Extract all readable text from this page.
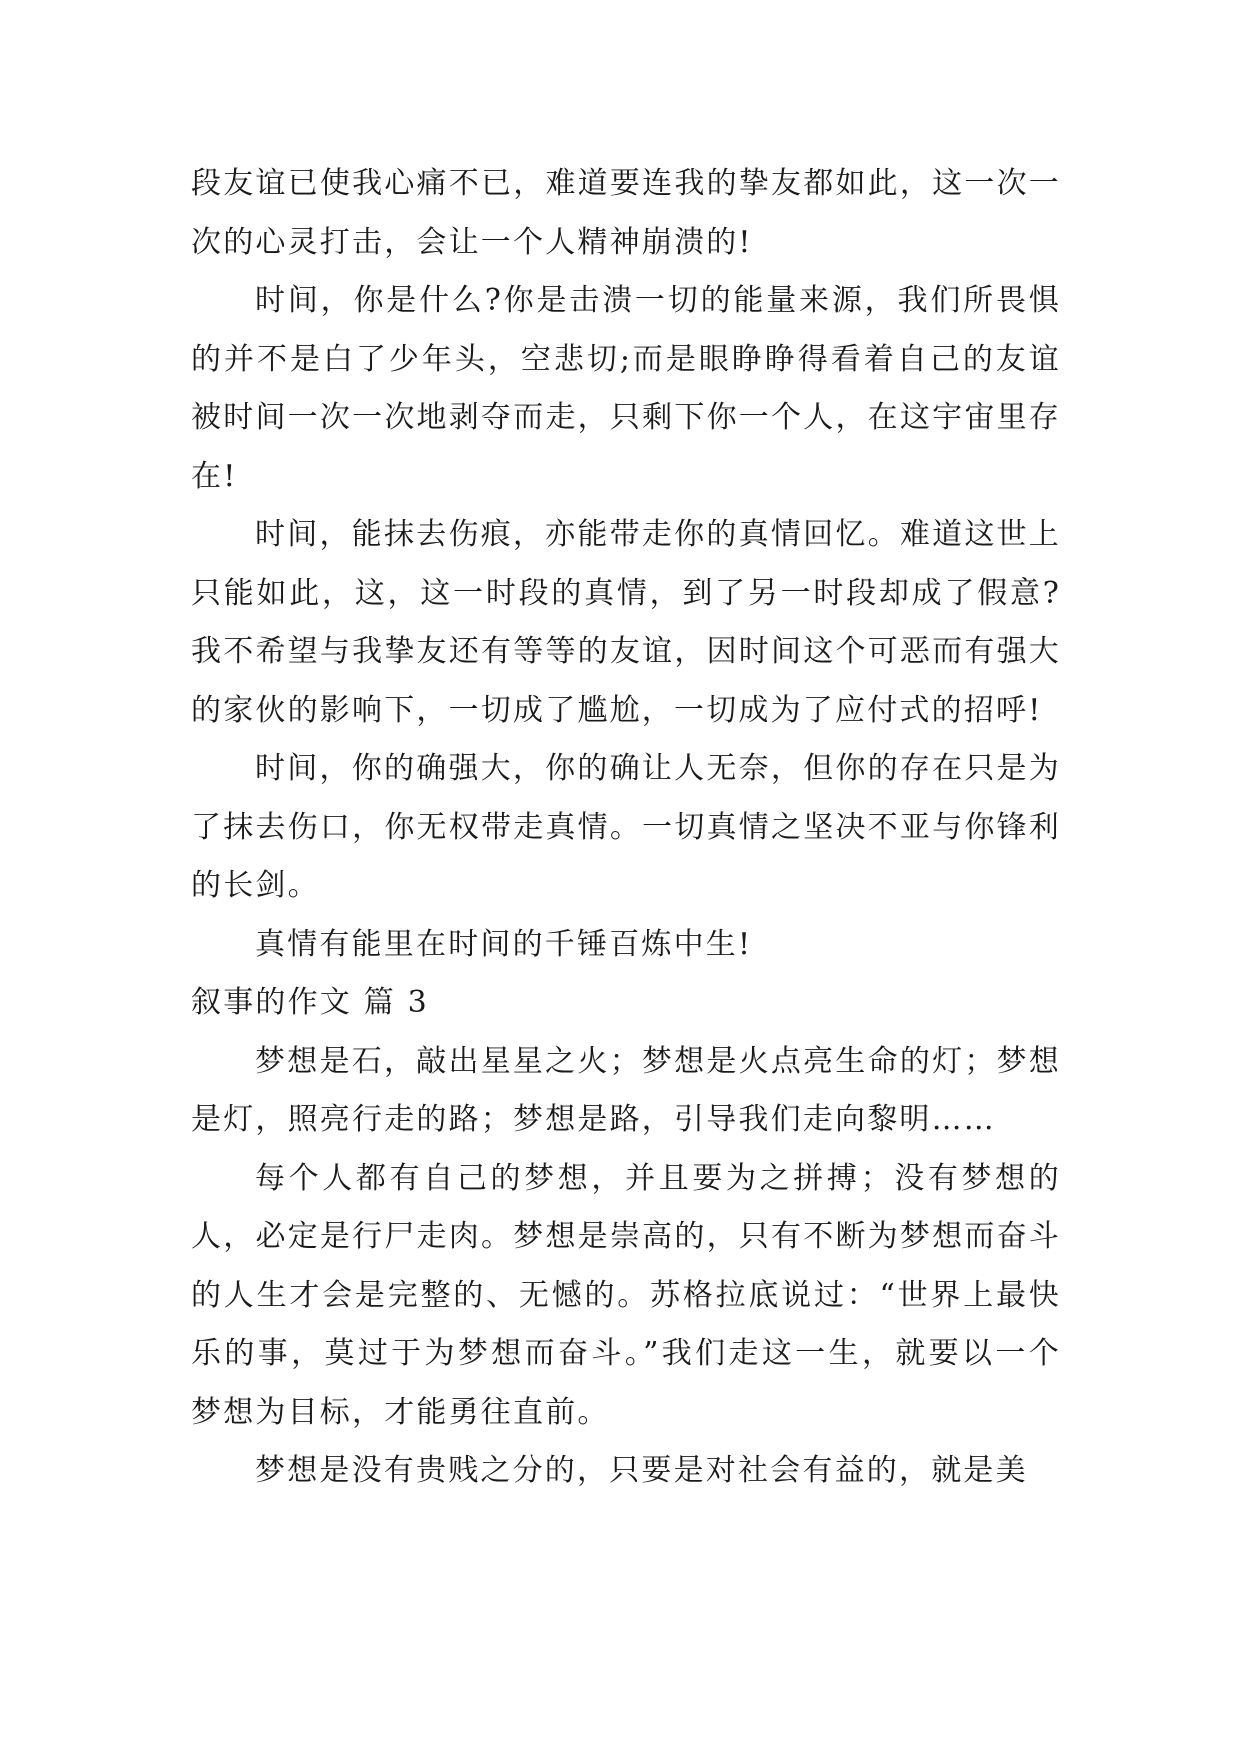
段友谊已使我心痛不已，难道要连我的挚友都如此，这一次一次的心灵打击，会让一个人精神崩溃的!

时间，你是什么?你是击溃一切的能量来源，我们所畏惧的并不是白了少年头，空悲切;而是眼睁睁得看着自己的友谊被时间一次一次地剥夺而走，只剩下你一个人，在这宇宙里存在!

时间，能抹去伤痕，亦能带走你的真情回忆。难道这世上只能如此，这，这一时段的真情，到了另一时段却成了假意?我不希望与我挚友还有等等的友谊，因时间这个可恶而有强大的家伙的影响下，一切成了尴尬，一切成为了应付式的招呼!

时间，你的确强大，你的确让人无奈，但你的存在只是为了抹去伤口，你无权带走真情。一切真情之坚决不亚与你锋利的长剑。

真情有能里在时间的千锤百炼中生!

叙事的作文 篇 3

梦想是石，敲出星星之火；梦想是火点亮生命的灯；梦想是灯，照亮行走的路；梦想是路，引导我们走向黎明……

每个人都有自己的梦想，并且要为之拼搏；没有梦想的人，必定是行尸走肉。梦想是崇高的，只有不断为梦想而奋斗的人生才会是完整的、无憾的。苏格拉底说过：“世界上最快乐的事，莫过于为梦想而奋斗。”我们走这一生，就要以一个梦想为目标，才能勇往直前。

梦想是没有贵贱之分的，只要是对社会有益的，就是美
